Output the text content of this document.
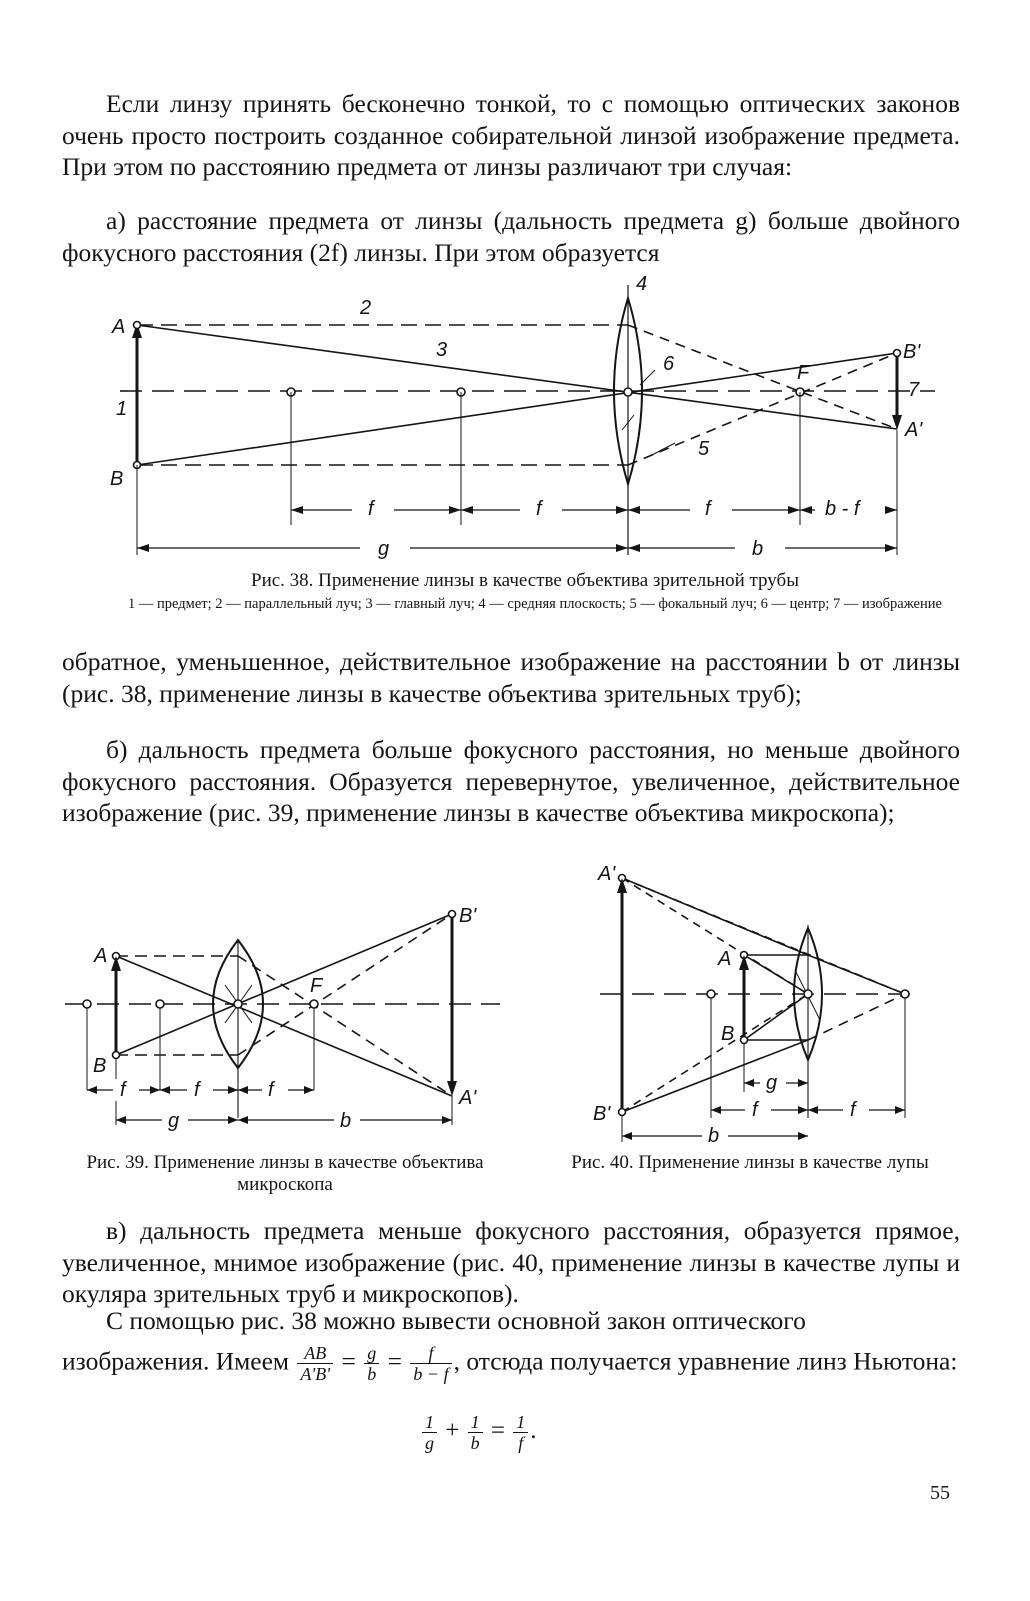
Если линзу принять бесконечно тонкой, то с помощью оптических законов очень просто построить созданное собирательной линзой изображение предмета. При этом по расстоянию предмета от линзы различают три случая:

а) расстояние предмета от линзы (дальность предмета g) больше двойного фокусного расстояния (2f) линзы. При этом образуется

A
B
1
2
3
4
5
6
7
F
B'
A'
f	f	f	b - f
g	b

Рис. 38. Применение линзы в качестве объектива зрительной трубы

1 — предмет; 2 — параллельный луч; 3 — главный луч; 4 — средняя плоскость; 5 — фокальный луч; 6 — центр; 7 — изображение

обратное, уменьшенное, действительное изображение на расстоянии b от линзы (рис. 38, применение линзы в качестве объектива зрительных труб);

б) дальность предмета больше фокусного расстояния, но меньше двойного фокусного расстояния. Образуется перевернутое, увеличенное, действительное изображение (рис. 39, применение линзы в качестве объектива микроскопа);

A
B
F
B'
A'
f	f	f
g	b

Рис. 39. Применение линзы в качестве объектива микроскопа

A'
A
B
B'
g
f	f
b

Рис. 40. Применение линзы в качестве лупы

в) дальность предмета меньше фокусного расстояния, образуется прямое, увеличенное, мнимое изображение (рис. 40, применение линзы в качестве лупы и окуляра зрительных труб и микроскопов).

С помощью рис. 38 можно вывести основной закон оптического

изображения. Имеем $\frac{AB}{A'B'} = \frac{g}{b} = \frac{f}{b - f}$ , отсюда получается уравнение линз Ньютона:
$\frac{1}{g} + \frac{1}{b} = \frac{1}{f}$ .
55
